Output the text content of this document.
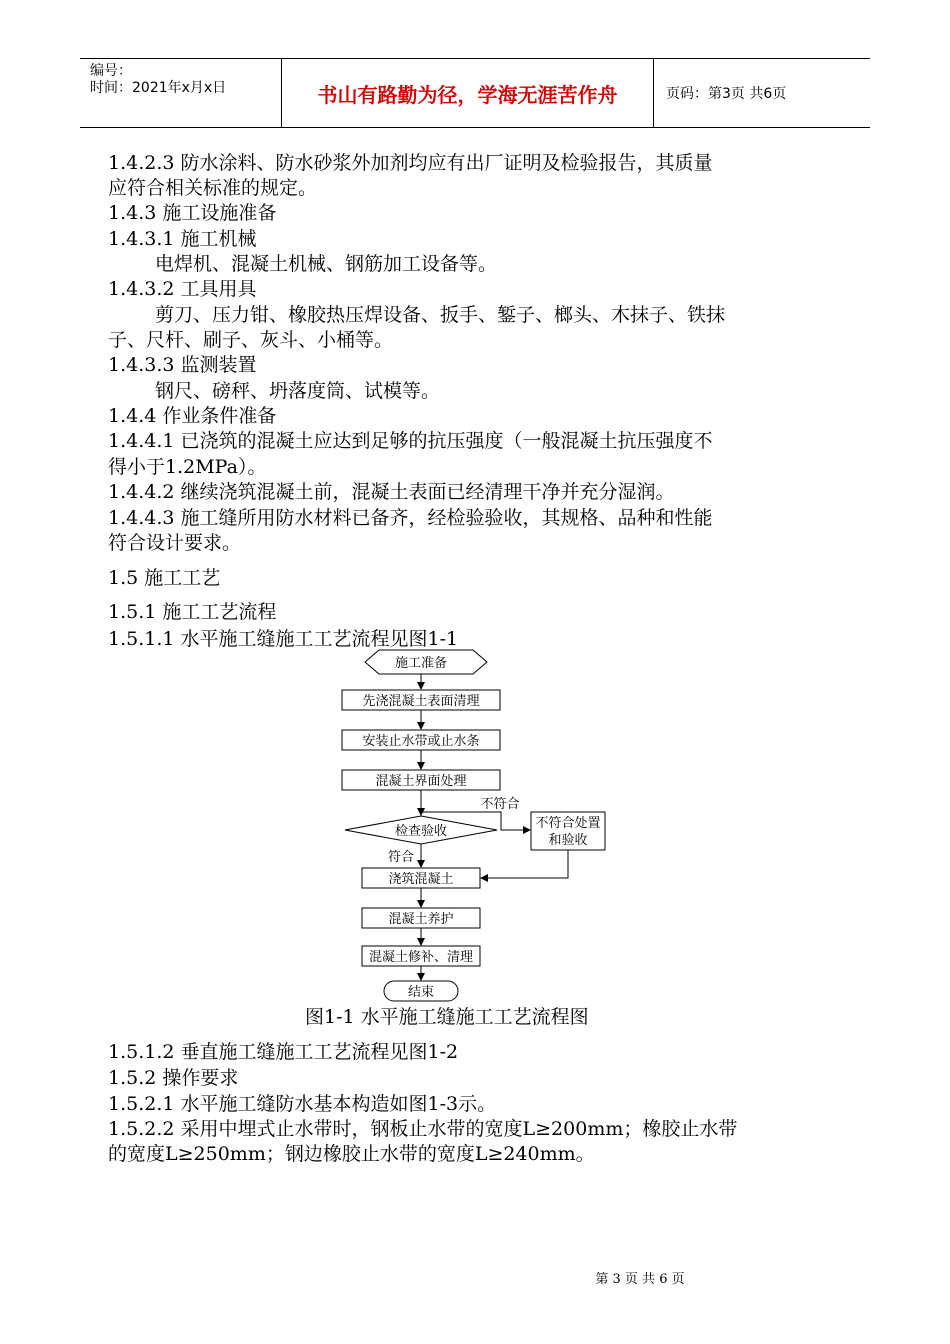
编号：
时间：2021年x月x日	书山有路勤为径，学海无涯苦作舟	页码：第3页 共6页
1.4.2.3 防水涂料、防水砂浆外加剂均应有出厂证明及检验报告，其质量
应符合相关标准的规定。
1.4.3 施工设施准备
1.4.3.1 施工机械
电焊机、混凝土机械、钢筋加工设备等。
1.4.3.2 工具用具
剪刀、压力钳、橡胶热压焊设备、扳手、錾子、榔头、木抹子、铁抹
子、尺杆、刷子、灰斗、小桶等。
1.4.3.3 监测装置
钢尺、磅秤、坍落度筒、试模等。
1.4.4 作业条件准备
1.4.4.1 已浇筑的混凝土应达到足够的抗压强度（一般混凝土抗压强度不
得小于1.2MPa）。
1.4.4.2 继续浇筑混凝土前，混凝土表面已经清理干净并充分湿润。
1.4.4.3 施工缝所用防水材料已备齐，经检验验收，其规格、品种和性能
符合设计要求。
1.5 施工工艺
1.5.1 施工工艺流程
1.5.1.1 水平施工缝施工工艺流程见图1-1
施工准备
先浇混凝土表面清理
安装止水带或止水条
混凝土界面处理
检查验收
不符合
不符合处置
和验收
符合
浇筑混凝土
混凝土养护
混凝土修补、清理
结束
图1-1 水平施工缝施工工艺流程图
1.5.1.2 垂直施工缝施工工艺流程见图1-2
1.5.2 操作要求
1.5.2.1 水平施工缝防水基本构造如图1-3示。
1.5.2.2 采用中埋式止水带时，钢板止水带的宽度L≥200mm；橡胶止水带
的宽度L≥250mm；钢边橡胶止水带的宽度L≥240mm。
第 3 页 共 6 页
